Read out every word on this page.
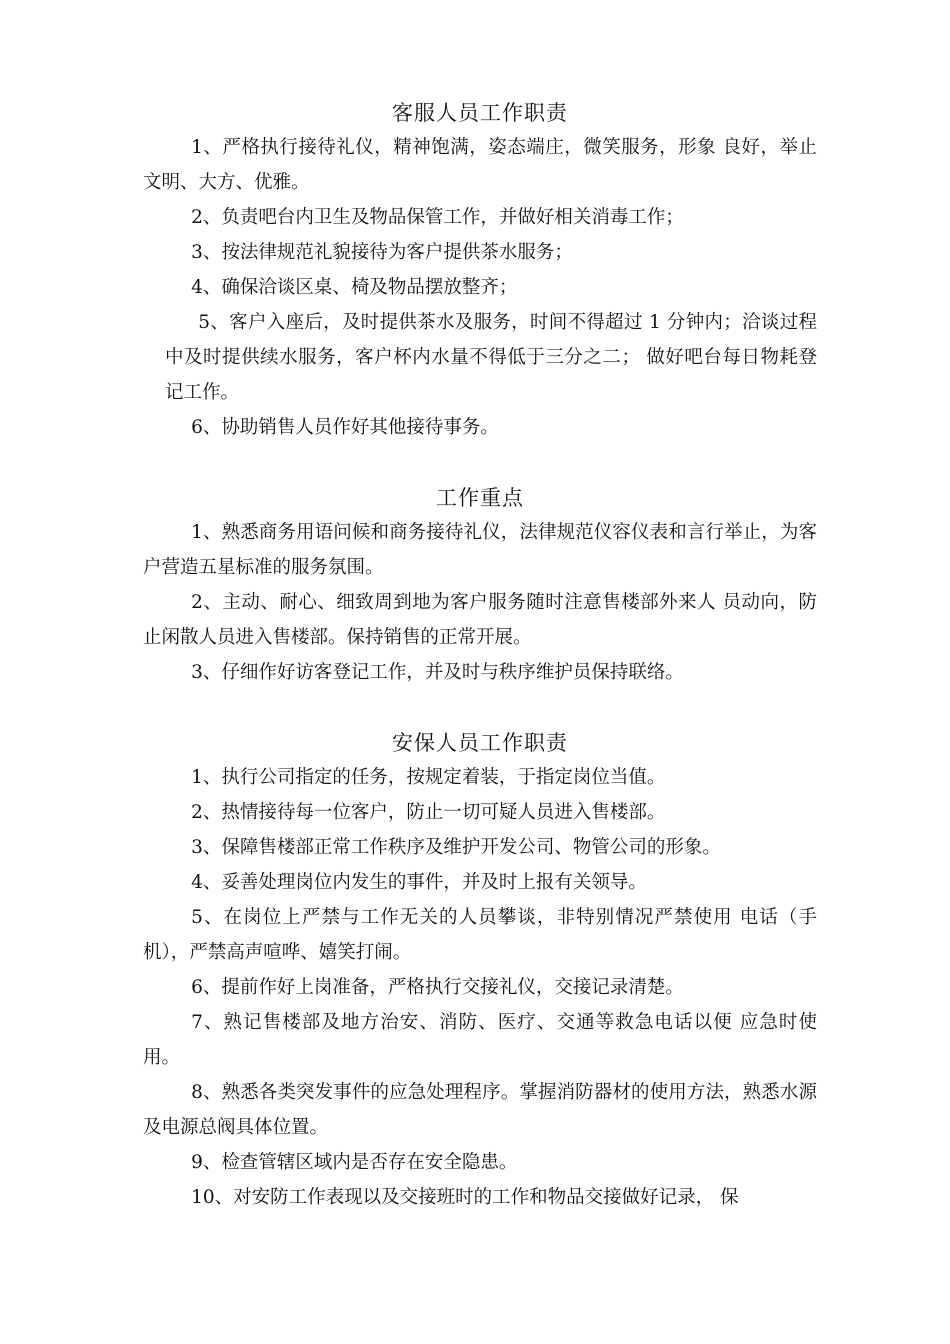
客服人员工作职责

1、严格执行接待礼仪，精神饱满，姿态端庄，微笑服务，形象 良好，举止文明、大方、优雅。

2、负责吧台内卫生及物品保管工作，并做好相关消毒工作；

3、按法律规范礼貌接待为客户提供茶水服务；

4、确保洽谈区桌、椅及物品摆放整齐；

5、客户入座后，及时提供茶水及服务，时间不得超过 1 分钟内；洽谈过程中及时提供续水服务，客户杯内水量不得低于三分之二； 做好吧台每日物耗登记工作。

6、协助销售人员作好其他接待事务。

工作重点

1、熟悉商务用语问候和商务接待礼仪，法律规范仪容仪表和言行举止，为客户营造五星标准的服务氛围。

2、主动、耐心、细致周到地为客户服务随时注意售楼部外来人 员动向，防止闲散人员进入售楼部。保持销售的正常开展。

3、仔细作好访客登记工作，并及时与秩序维护员保持联络。

安保人员工作职责

1、执行公司指定的任务，按规定着装，于指定岗位当值。

2、热情接待每一位客户，防止一切可疑人员进入售楼部。

3、保障售楼部正常工作秩序及维护开发公司、物管公司的形象。

4、妥善处理岗位内发生的事件，并及时上报有关领导。

5、在岗位上严禁与工作无关的人员攀谈，非特别情况严禁使用 电话（手机），严禁高声喧哗、嬉笑打闹。

6、提前作好上岗准备，严格执行交接礼仪，交接记录清楚。

7、熟记售楼部及地方治安、消防、医疗、交通等救急电话以便 应急时使用。

8、熟悉各类突发事件的应急处理程序。掌握消防器材的使用方法，熟悉水源及电源总阀具体位置。

9、检查管辖区域内是否存在安全隐患。

10、对安防工作表现以及交接班时的工作和物品交接做好记录， 保
